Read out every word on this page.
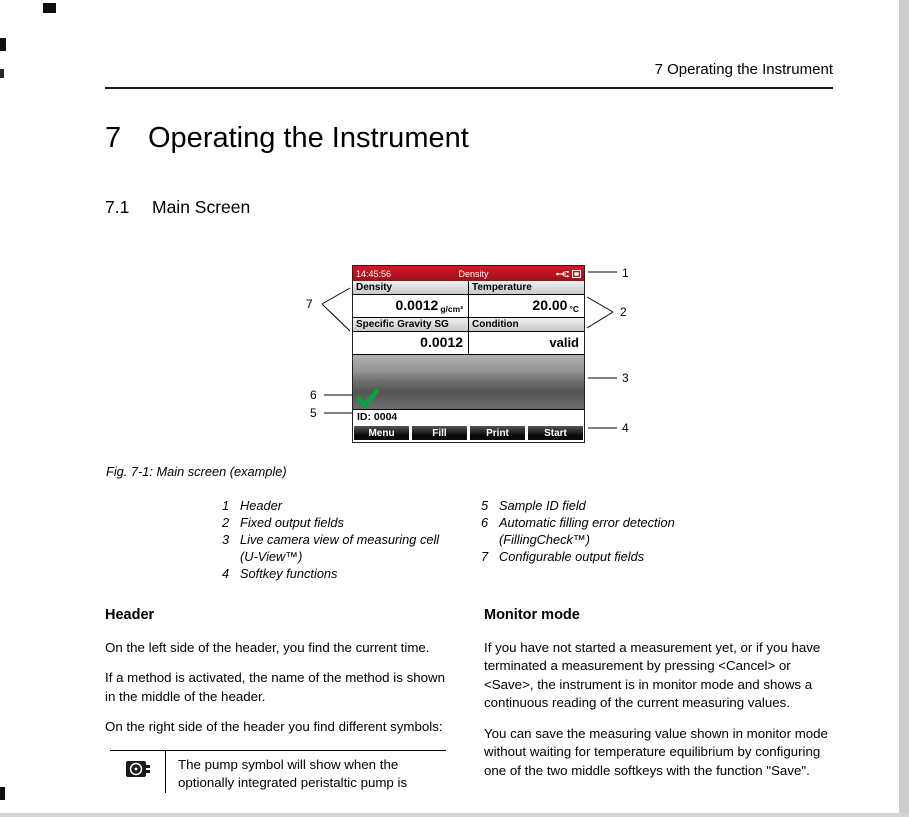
7 Operating the Instrument
7 Operating the Instrument
7.1 Main Screen
1
2
3
4
5
6
7
14:45:56	Density
Density	Temperature
0.0012 g/cm³	20.00 °C
Specific Gravity SG	Condition
0.0012	valid
ID: 0004
Menu	Fill	Print	Start
Fig. 7-1: Main screen (example)
1 Header
2 Fixed output fields
3 Live camera view of measuring cell
(U-View™)
4 Softkey functions
5 Sample ID field
6 Automatic filling error detection
(FillingCheck™)
7 Configurable output fields
Header

On the left side of the header, you find the current time.

If a method is activated, the name of the method is shown in the middle of the header.

On the right side of the header you find different symbols:

The pump symbol will show when the optionally integrated peristaltic pump is
Monitor mode

If you have not started a measurement yet, or if you have terminated a measurement by pressing <Cancel> or <Save>, the instrument is in monitor mode and shows a continuous reading of the current measuring values.

You can save the measuring value shown in monitor mode without waiting for temperature equilibrium by configuring one of the two middle softkeys with the function "Save".
